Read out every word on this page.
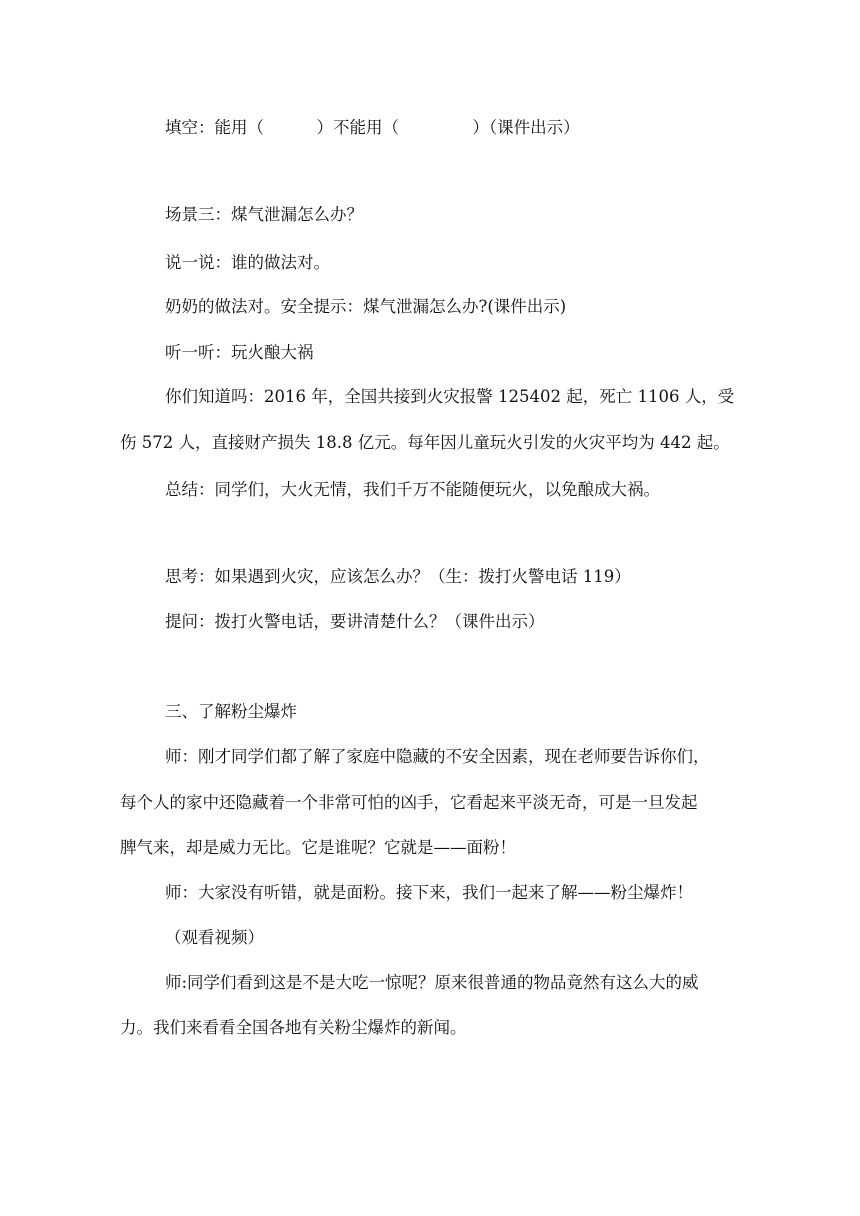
填空：能用（          ）不能用（              ）（课件出示）

场景三：煤气泄漏怎么办？

说一说：谁的做法对。

奶奶的做法对。安全提示：煤气泄漏怎么办?(课件出示)

听一听：玩火酿大祸

你们知道吗：2016 年，全国共接到火灾报警 125402 起，死亡 1106 人，受

伤 572 人，直接财产损失 18.8 亿元。每年因儿童玩火引发的火灾平均为 442 起。

总结：同学们，大火无情，我们千万不能随便玩火，以免酿成大祸。

思考：如果遇到火灾，应该怎么办？（生：拨打火警电话 119）

提问：拨打火警电话，要讲清楚什么？（课件出示）

三、了解粉尘爆炸

师：刚才同学们都了解了家庭中隐藏的不安全因素，现在老师要告诉你们，

每个人的家中还隐藏着一个非常可怕的凶手，它看起来平淡无奇，可是一旦发起

脾气来，却是威力无比。它是谁呢？它就是——面粉！

师：大家没有听错，就是面粉。接下来，我们一起来了解——粉尘爆炸！

（观看视频）

师:同学们看到这是不是大吃一惊呢？原来很普通的物品竟然有这么大的威

力。我们来看看全国各地有关粉尘爆炸的新闻。
